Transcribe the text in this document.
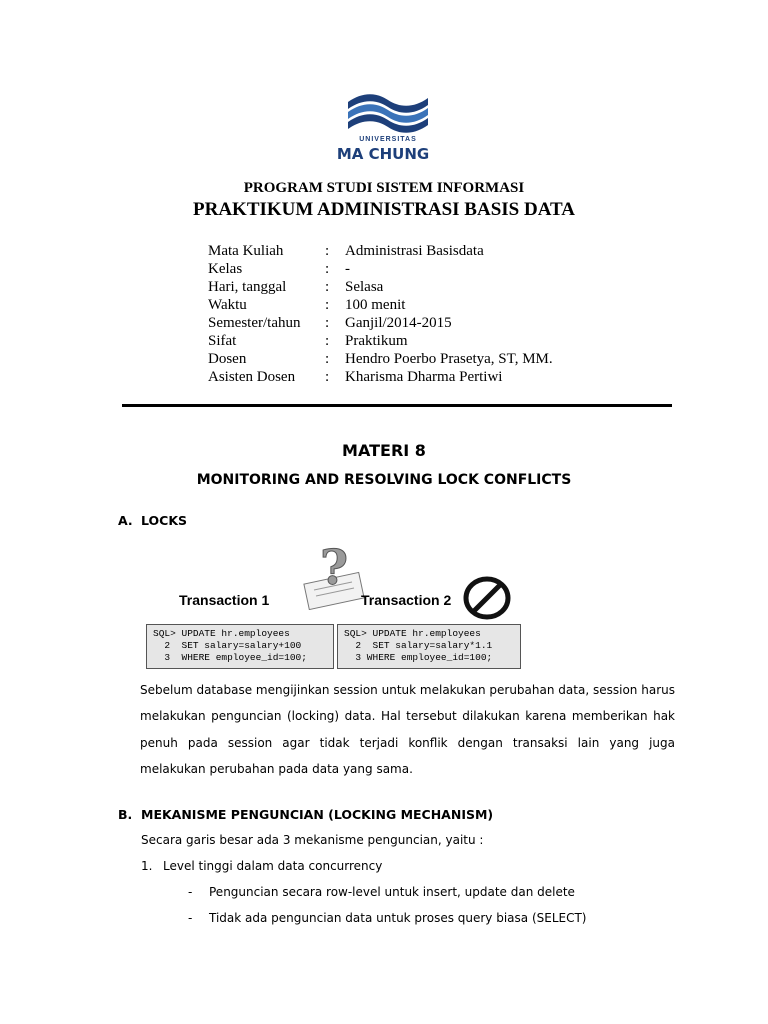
UNIVERSITAS
MA CHUNG
PROGRAM STUDI SISTEM INFORMASI
PRAKTIKUM ADMINISTRASI BASIS DATA
Mata Kuliah	: Administrasi Basisdata
Kelas	: -
Hari, tanggal	: Selasa
Waktu	: 100 menit
Semester/tahun : Ganjil/2014-2015
Sifat	: Praktikum
Dosen	: Hendro Poerbo Prasetya, ST, MM.
Asisten Dosen : Kharisma Dharma Pertiwi
MATERI 8
MONITORING AND RESOLVING LOCK CONFLICTS
A. LOCKS
?
Transaction 1	Transaction 2
SQL> UPDATE hr.employees
2  SET salary=salary+100
3  WHERE employee_id=100;
SQL> UPDATE hr.employees
2  SET salary=salary*1.1
3 WHERE employee_id=100;
Sebelum database mengijinkan session untuk melakukan perubahan data, session harus melakukan penguncian (locking) data. Hal tersebut dilakukan karena memberikan hak penuh pada session agar tidak terjadi konflik dengan transaksi lain yang juga melakukan perubahan pada data yang sama.
B. MEKANISME PENGUNCIAN (LOCKING MECHANISM)
Secara garis besar ada 3 mekanisme penguncian, yaitu :
1. Level tinggi dalam data concurrency
- Penguncian secara row-level untuk insert, update dan delete
- Tidak ada penguncian data untuk proses query biasa (SELECT)
